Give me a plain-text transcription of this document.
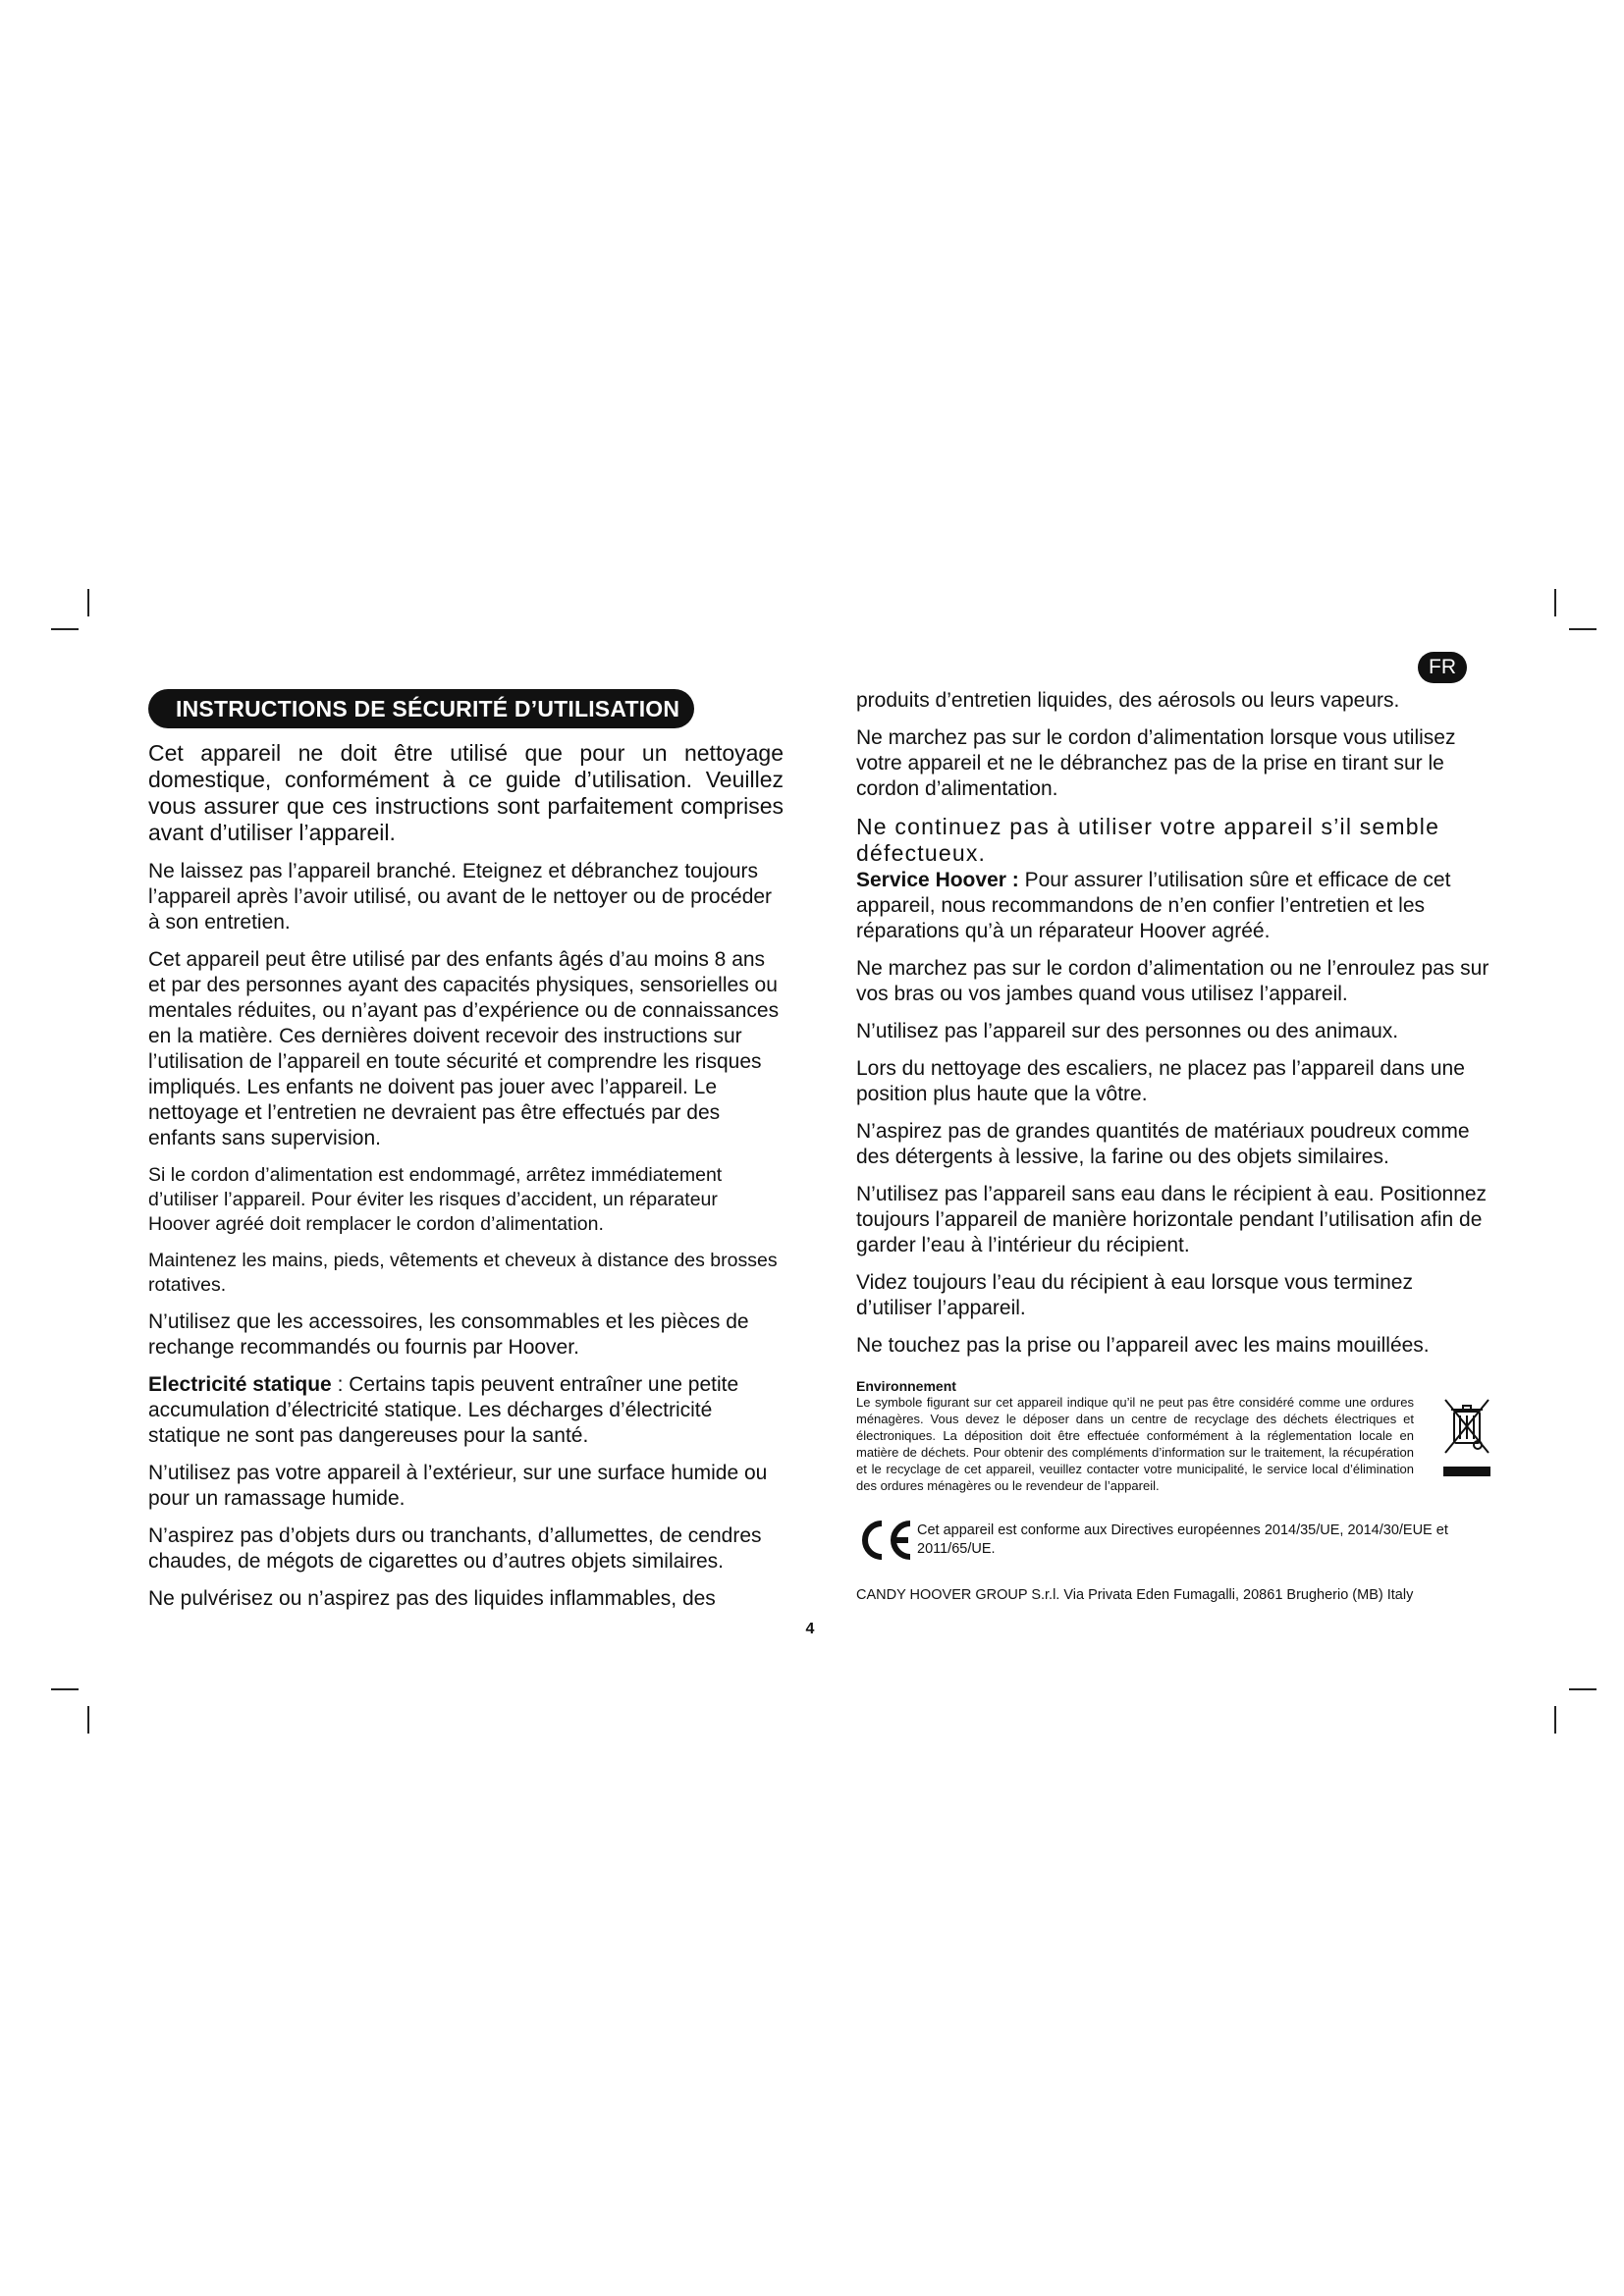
FR
INSTRUCTIONS DE SÉCURITÉ D’UTILISATION

Cet appareil ne doit être utilisé que pour un nettoyage domestique, conformément à ce guide d’utilisation. Veuillez vous assurer que ces instructions sont parfaitement comprises avant d’utiliser l’appareil.

Ne laissez pas l’appareil branché. Eteignez et débranchez toujours l’appareil après l’avoir utilisé, ou avant de le nettoyer ou de procéder à son entretien.

Cet appareil peut être utilisé par des enfants âgés d’au moins 8 ans et par des personnes ayant des capacités physiques, sensorielles ou mentales réduites, ou n’ayant pas d’expérience ou de connaissances en la matière. Ces dernières doivent recevoir des instructions sur l’utilisation de l’appareil en toute sécurité et comprendre les risques impliqués. Les enfants ne doivent pas jouer avec l’appareil. Le nettoyage et l’entretien ne devraient pas être effectués par des enfants sans supervision.

Si le cordon d’alimentation est endommagé, arrêtez immédiatement d’utiliser l’appareil. Pour éviter les risques d’accident, un réparateur Hoover agréé doit remplacer le cordon d’alimentation.

Maintenez les mains, pieds, vêtements et cheveux à distance des brosses rotatives.

N’utilisez que les accessoires, les consommables et les pièces de rechange recommandés ou fournis par Hoover.

Electricité statique : Certains tapis peuvent entraîner une petite accumulation d’électricité statique. Les décharges d’électricité statique ne sont pas dangereuses pour la santé.

N’utilisez pas votre appareil à l’extérieur, sur une surface humide ou pour un ramassage humide.

N’aspirez pas d’objets durs ou tranchants, d’allumettes, de cendres chaudes, de mégots de cigarettes ou d’autres objets similaires.

Ne pulvérisez ou n’aspirez pas des liquides inflammables, des

produits d’entretien liquides, des aérosols ou leurs vapeurs.

Ne marchez pas sur le cordon d’alimentation lorsque vous utilisez votre appareil et ne le débranchez pas de la prise en tirant sur le cordon d’alimentation.

Ne continuez pas à utiliser votre appareil s’il semble défectueux.

Service Hoover : Pour assurer l’utilisation sûre et efficace de cet appareil, nous recommandons de n’en confier l’entretien et les réparations qu’à un réparateur Hoover agréé.

Ne marchez pas sur le cordon d’alimentation ou ne l’enroulez pas sur vos bras ou vos jambes quand vous utilisez l’appareil.

N’utilisez pas l’appareil sur des personnes ou des animaux.

Lors du nettoyage des escaliers, ne placez pas l’appareil dans une position plus haute que la vôtre.

N’aspirez pas de grandes quantités de matériaux poudreux comme des détergents à lessive, la farine ou des objets similaires.

N’utilisez pas l’appareil sans eau dans le récipient à eau. Positionnez toujours l’appareil de manière horizontale pendant l’utilisation afin de garder l’eau à l’intérieur du récipient.

Videz toujours l’eau du récipient à eau lorsque vous terminez d’utiliser l’appareil.

Ne touchez pas la prise ou l’appareil avec les mains mouillées.

Environnement
Le symbole figurant sur cet appareil indique qu’il ne peut pas être considéré comme une ordures ménagères. Vous devez le déposer dans un centre de recyclage des déchets électriques et électroniques. La déposition doit être effectuée conformément à la réglementation locale en matière de déchets. Pour obtenir des compléments d’information sur le traitement, la récupération et le recyclage de cet appareil, veuillez contacter votre municipalité, le service local d’élimination des ordures ménagères ou le revendeur de l’appareil.
Cet appareil est conforme aux Directives européennes 2014/35/UE, 2014/30/EUE et 2011/65/UE.
CANDY HOOVER GROUP S.r.l. Via Privata Eden Fumagalli, 20861 Brugherio (MB) Italy
4
